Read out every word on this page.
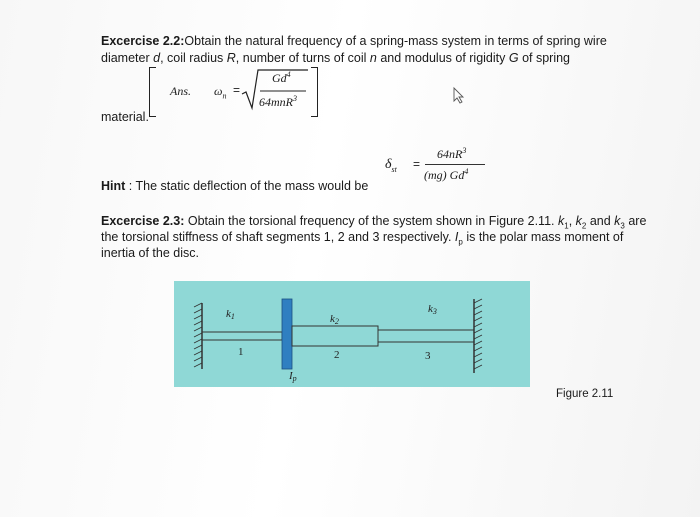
Excercise 2.2:Obtain the natural frequency of a spring-mass system in terms of spring wire
diameter d, coil radius R, number of turns of coil n and modulus of rigidity G of spring
Ans. $\omega_n$ =
$Gd^4$
64mnR$^3$
material.
Hint : The static deflection of the mass would be
$\delta_{st}$ =
$64nR^3$
(mg) Gd$^4$
Excercise 2.3: Obtain the torsional frequency of the system shown in Figure 2.11. $k_1$, $k_2$ and $k_3$ are
the torsional stiffness of shaft segments 1, 2 and 3 respectively. $I_p$ is the polar mass moment of
inertia of the disc.
k1	k2
k3
1	2	3
Ip
Figure 2.11
